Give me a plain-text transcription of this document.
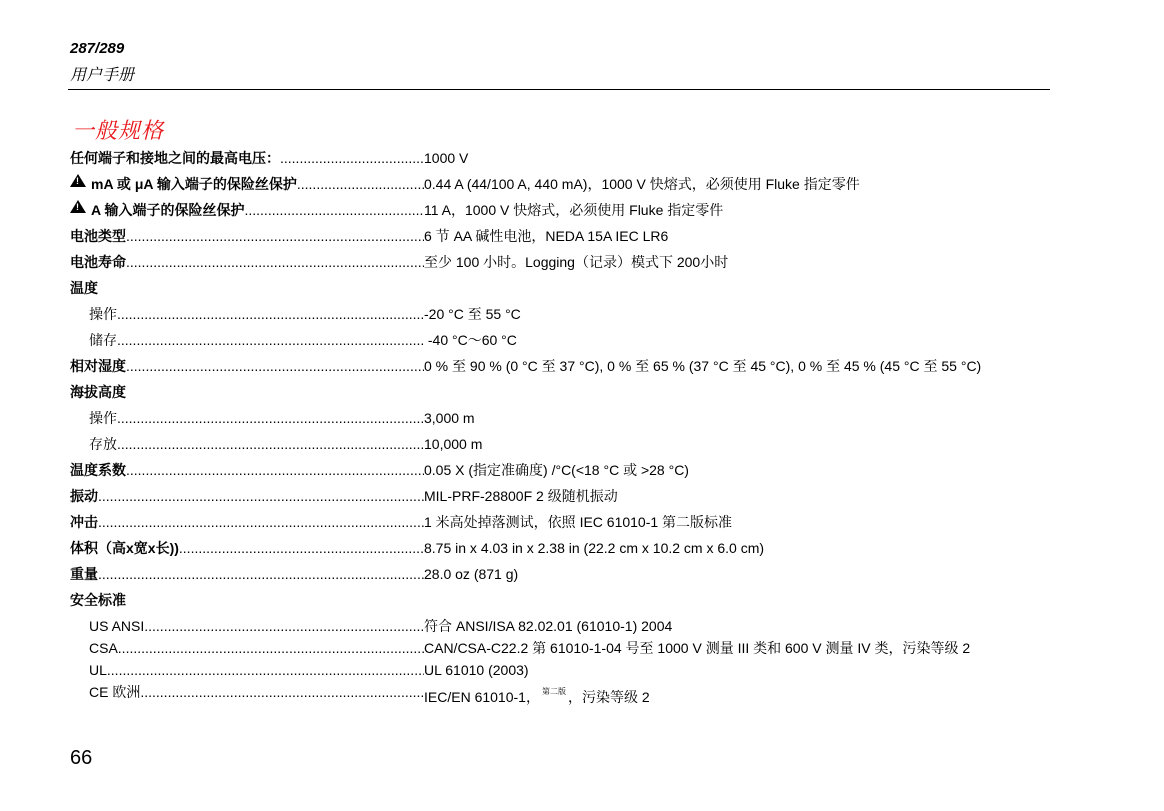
287/289
用户手册
一般规格
任何端子和接地之间的最高电压： .....	1000 V
!
mA 或 μA 输入端子的保险丝保护 .....	0.44 A (44/100 A, 440 mA)，1000 V 快熔式，必须使用 Fluke 指定零件
!
A 输入端子的保险丝保护 .....	11 A，1000 V 快熔式，必须使用 Fluke 指定零件
电池类型 .....	6 节 AA 碱性电池，NEDA 15A IEC LR6
电池寿命 .....	至少 100 小时。Logging（记录）模式下 200小时
温度
操作 .....	-20 °C 至 55 °C
储存 .....	-40 °C～60 °C
相对湿度 .....	0 % 至 90 % (0 °C 至 37 °C), 0 % 至 65 % (37 °C 至 45 °C), 0 % 至 45 % (45 °C 至 55 °C)
海拔高度
操作 .....	3,000 m
存放 .....	10,000 m
温度系数 .....	0.05 X (指定准确度) /°C(<18 °C 或 >28 °C)
振动 .....	MIL-PRF-28800F 2 级随机振动
冲击 .....	1 米高处掉落测试，依照 IEC 61010-1 第二版标准
体积（高x宽x长)) .....	8.75 in x 4.03 in x 2.38 in (22.2 cm x 10.2 cm x 6.0 cm)
重量 .....	28.0 oz (871 g)
安全标准
US ANSI .....	符合 ANSI/ISA 82.02.01 (61010-1) 2004
CSA .....	CAN/CSA-C22.2 第 61010-1-04 号至 1000 V 测量 III 类和 600 V 测量 IV 类，污染等级 2
UL .....	UL 61010 (2003)
CE 欧洲 .....	IEC/EN 61010-1， $^{第二版}$ ，污染等级 2
66
